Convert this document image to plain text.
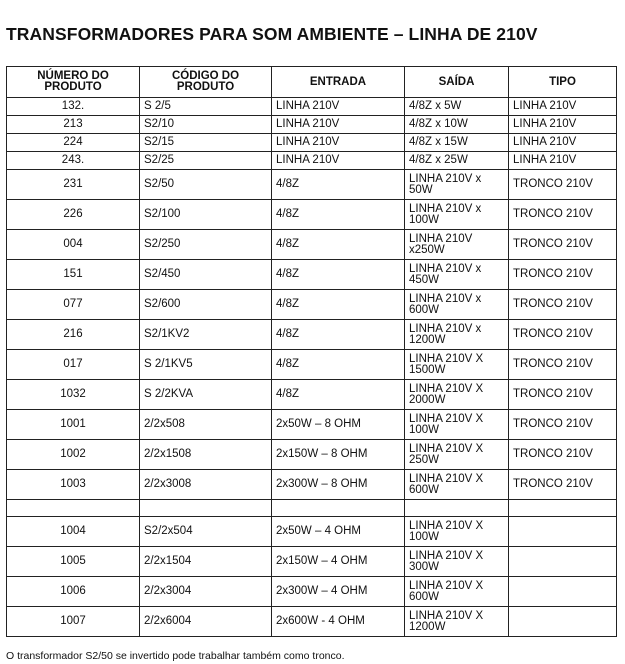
TRANSFORMADORES PARA SOM AMBIENTE – LINHA DE 210V
NÚMERO DO PRODUTO	CÓDIGO DO PRODUTO	ENTRADA	SAÍDA	TIPO
132.	S 2/5	LINHA 210V	4/8Z x 5W	LINHA 210V
213	S2/10	LINHA 210V	4/8Z x 10W	LINHA 210V
224	S2/15	LINHA 210V	4/8Z x 15W	LINHA 210V
243.	S2/25	LINHA 210V	4/8Z x 25W	LINHA 210V
231	S2/50	4/8Z	LINHA 210V x 50W	TRONCO 210V
226	S2/100	4/8Z	LINHA 210V x 100W	TRONCO 210V
004	S2/250	4/8Z	LINHA 210V x250W	TRONCO 210V
151	S2/450	4/8Z	LINHA 210V x 450W	TRONCO 210V
077	S2/600	4/8Z	LINHA 210V x 600W	TRONCO 210V
216	S2/1KV2	4/8Z	LINHA 210V x 1200W	TRONCO 210V
017	S 2/1KV5	4/8Z	LINHA 210V X 1500W	TRONCO 210V
1032	S 2/2KVA	4/8Z	LINHA 210V X 2000W	TRONCO 210V
1001	2/2x508	2x50W – 8 OHM	LINHA 210V X 100W	TRONCO 210V
1002	2/2x1508	2x150W – 8 OHM	LINHA 210V X 250W	TRONCO 210V
1003	2/2x3008	2x300W – 8 OHM	LINHA 210V X 600W	TRONCO 210V

1004	S2/2x504	2x50W – 4 OHM	LINHA 210V X 100W	
1005	2/2x1504	2x150W – 4 OHM	LINHA 210V X 300W	
1006	2/2x3004	2x300W – 4 OHM	LINHA 210V X 600W	
1007	2/2x6004	2x600W - 4 OHM	LINHA 210V X 1200W	
O transformador S2/50 se invertido pode trabalhar também como tronco.
